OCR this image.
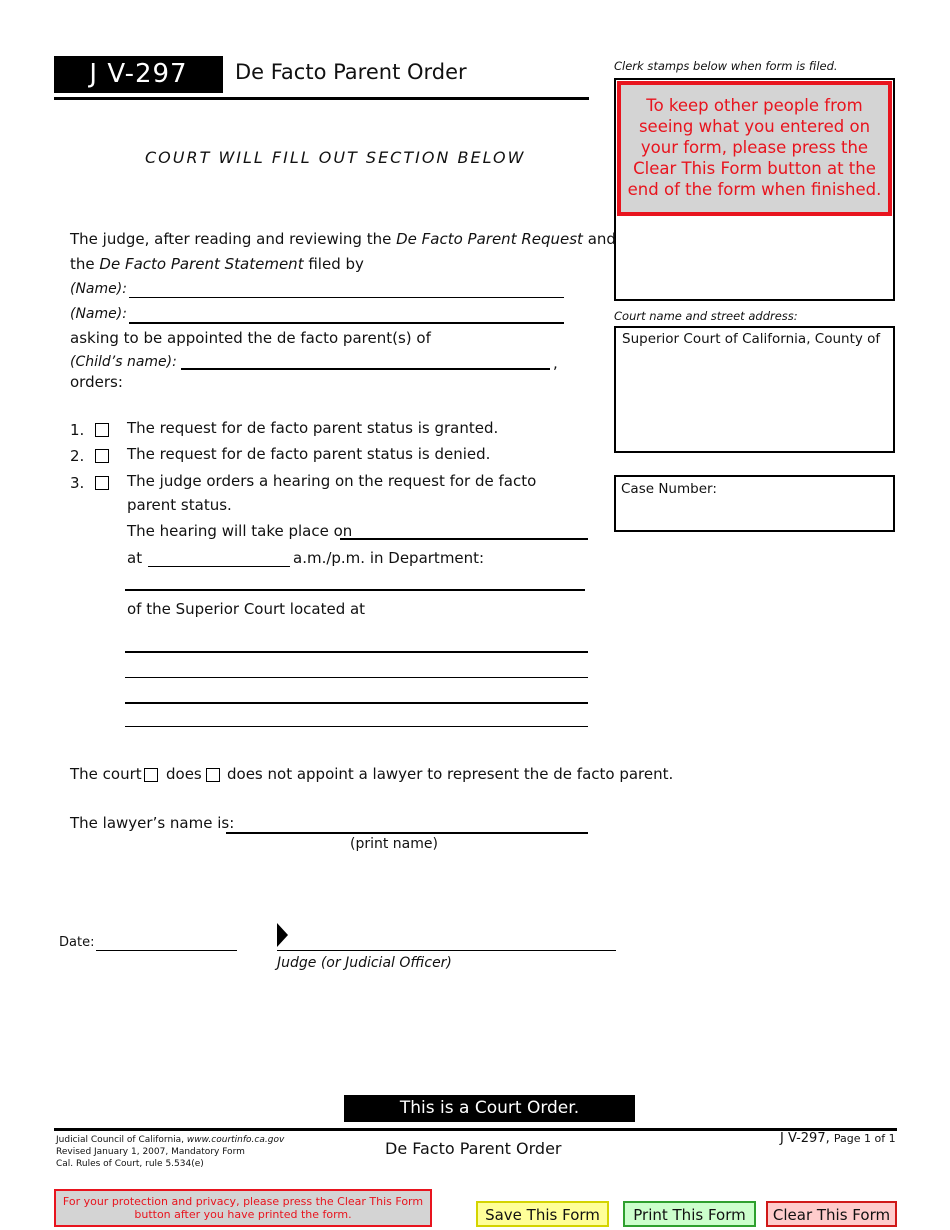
J V-297	De Facto Parent Order
COURT WILL FILL OUT SECTION BELOW
Clerk stamps below when form is filed.
To keep other people from seeing what you entered on your form, please press the Clear This Form button at the end of the form when finished.
Court name and street address:
Superior Court of California, County of
Case Number:
The judge, after reading and reviewing the De Facto Parent Request and
the De Facto Parent Statement filed by
(Name):
(Name):
asking to be appointed the de facto parent(s) of
(Child’s name):	,
orders:
1.	The request for de facto parent status is granted.
2.	The request for de facto parent status is denied.
3.	The judge orders a hearing on the request for de facto
parent status.
The hearing will take place on
at	a.m./p.m. in Department:
of the Superior Court located at
The court does does not appoint a lawyer to represent the de facto parent.
The lawyer’s name is:
(print name)
Date:
Judge (or Judicial Officer)
This is a Court Order.
Judicial Council of California, www.courtinfo.ca.gov
Revised January 1, 2007, Mandatory Form
Cal. Rules of Court, rule 5.534(e)
De Facto Parent Order
J V-297, Page 1 of 1
For your protection and privacy, please press the Clear This Form button after you have printed the form.	Save This Form	Print This Form	Clear This Form
